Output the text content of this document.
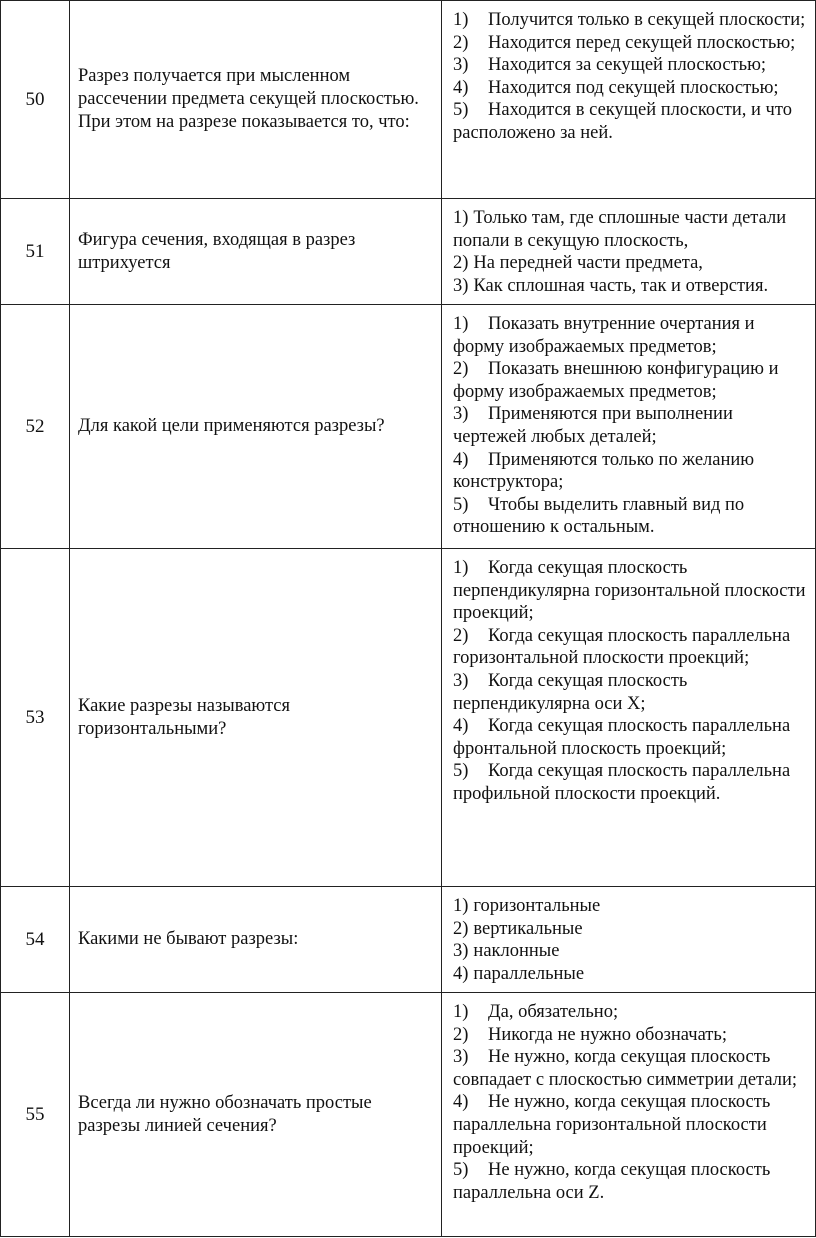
50	Разрез получается при мысленном рассечении предмета секущей плоскостью. При этом на разрезе показывается то, что:	1) Получится только в секущей плоскости;
2) Находится перед секущей плоскостью;
3) Находится за секущей плоскостью;
4) Находится под секущей плоскостью;
5) Находится в секущей плоскости, и что расположено за ней.

51	Фигура сечения, входящая в разрез штрихуется	1) Только там, где сплошные части детали попали в секущую плоскость,
2) На передней части предмета,
3) Как сплошная часть, так и отверстия.

52	Для какой цели применяются разрезы?	1) Показать внутренние очертания и форму изображаемых предметов;
2) Показать внешнюю конфигурацию и форму изображаемых предметов;
3) Применяются при выполнении чертежей любых деталей;
4) Применяются только по желанию конструктора;
5) Чтобы выделить главный вид по отношению к остальным.

53	Какие разрезы называются горизонтальными?	1) Когда секущая плоскость перпендикулярна горизонтальной плоскости проекций;
2) Когда секущая плоскость параллельна горизонтальной плоскости проекций;
3) Когда секущая плоскость перпендикулярна оси X;
4) Когда секущая плоскость параллельна фронтальной плоскость проекций;
5) Когда секущая плоскость параллельна профильной плоскости проекций.

54	Какими не бывают разрезы:	1) горизонтальные
2) вертикальные
3) наклонные
4) параллельные

55	Всегда ли нужно обозначать простые разрезы линией сечения?	1) Да, обязательно;
2) Никогда не нужно обозначать;
3) Не нужно, когда секущая плоскость совпадает с плоскостью симметрии детали;
4) Не нужно, когда секущая плоскость параллельна горизонтальной плоскости проекций;
5) Не нужно, когда секущая плоскость параллельна оси Z.
